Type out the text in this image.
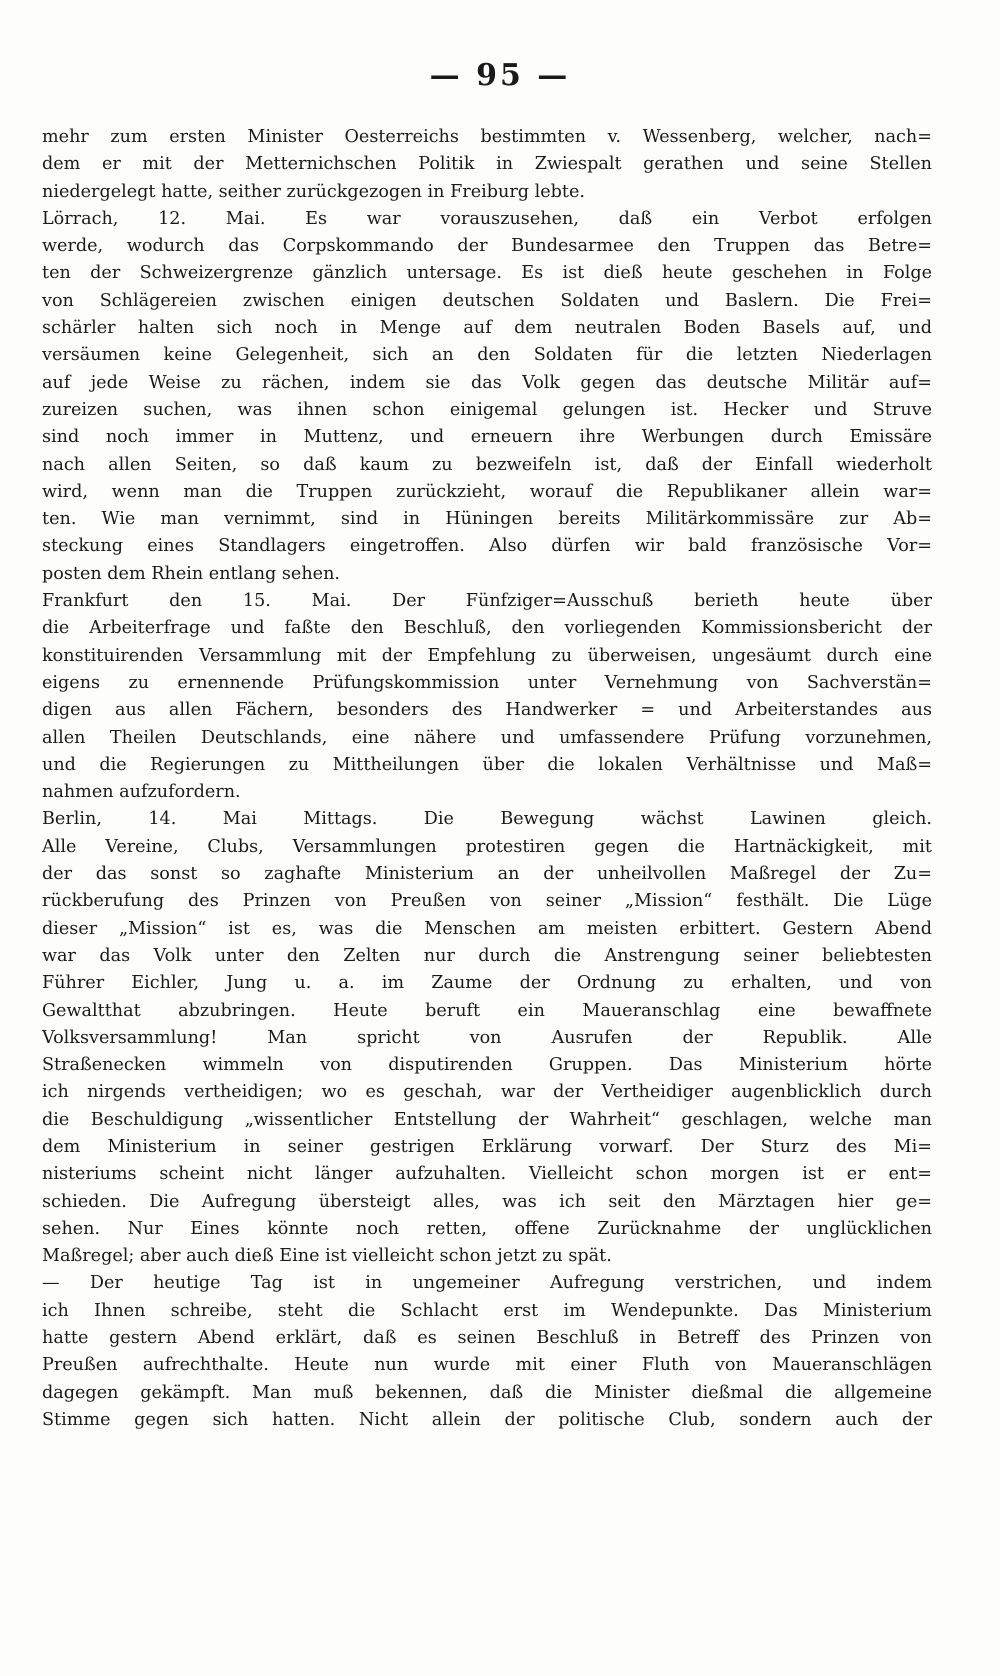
— 95 —
mehr zum ersten Minister Oesterreichs bestimmten v. Wessenberg, welcher, nach=
dem er mit der Metternichschen Politik in Zwiespalt gerathen und seine Stellen
niedergelegt hatte, seither zurückgezogen in Freiburg lebte.
Lörrach, 12. Mai. Es war vorauszusehen, daß ein Verbot erfolgen
werde, wodurch das Corpskommando der Bundesarmee den Truppen das Betre=
ten der Schweizergrenze gänzlich untersage. Es ist dieß heute geschehen in Folge
von Schlägereien zwischen einigen deutschen Soldaten und Baslern. Die Frei=
schärler halten sich noch in Menge auf dem neutralen Boden Basels auf, und
versäumen keine Gelegenheit, sich an den Soldaten für die letzten Niederlagen
auf jede Weise zu rächen, indem sie das Volk gegen das deutsche Militär auf=
zureizen suchen, was ihnen schon einigemal gelungen ist. Hecker und Struve
sind noch immer in Muttenz, und erneuern ihre Werbungen durch Emissäre
nach allen Seiten, so daß kaum zu bezweifeln ist, daß der Einfall wiederholt
wird, wenn man die Truppen zurückzieht, worauf die Republikaner allein war=
ten. Wie man vernimmt, sind in Hüningen bereits Militärkommissäre zur Ab=
steckung eines Standlagers eingetroffen. Also dürfen wir bald französische Vor=
posten dem Rhein entlang sehen.
Frankfurt den 15. Mai. Der Fünfziger=Ausschuß berieth heute über
die Arbeiterfrage und faßte den Beschluß, den vorliegenden Kommissionsbericht der
konstituirenden Versammlung mit der Empfehlung zu überweisen, ungesäumt durch eine
eigens zu ernennende Prüfungskommission unter Vernehmung von Sachverstän=
digen aus allen Fächern, besonders des Handwerker = und Arbeiterstandes aus
allen Theilen Deutschlands, eine nähere und umfassendere Prüfung vorzunehmen,
und die Regierungen zu Mittheilungen über die lokalen Verhältnisse und Maß=
nahmen aufzufordern.
Berlin, 14. Mai Mittags. Die Bewegung wächst Lawinen gleich.
Alle Vereine, Clubs, Versammlungen protestiren gegen die Hartnäckigkeit, mit
der das sonst so zaghafte Ministerium an der unheilvollen Maßregel der Zu=
rückberufung des Prinzen von Preußen von seiner „Mission“ festhält. Die Lüge
dieser „Mission“ ist es, was die Menschen am meisten erbittert. Gestern Abend
war das Volk unter den Zelten nur durch die Anstrengung seiner beliebtesten
Führer Eichler, Jung u. a. im Zaume der Ordnung zu erhalten, und von
Gewaltthat abzubringen. Heute beruft ein Maueranschlag eine bewaffnete
Volksversammlung! Man spricht von Ausrufen der Republik. Alle
Straßenecken wimmeln von disputirenden Gruppen. Das Ministerium hörte
ich nirgends vertheidigen; wo es geschah, war der Vertheidiger augenblicklich durch
die Beschuldigung „wissentlicher Entstellung der Wahrheit“ geschlagen, welche man
dem Ministerium in seiner gestrigen Erklärung vorwarf. Der Sturz des Mi=
nisteriums scheint nicht länger aufzuhalten. Vielleicht schon morgen ist er ent=
schieden. Die Aufregung übersteigt alles, was ich seit den Märztagen hier ge=
sehen. Nur Eines könnte noch retten, offene Zurücknahme der unglücklichen
Maßregel; aber auch dieß Eine ist vielleicht schon jetzt zu spät.
— Der heutige Tag ist in ungemeiner Aufregung verstrichen, und indem
ich Ihnen schreibe, steht die Schlacht erst im Wendepunkte. Das Ministerium
hatte gestern Abend erklärt, daß es seinen Beschluß in Betreff des Prinzen von
Preußen aufrechthalte. Heute nun wurde mit einer Fluth von Maueranschlägen
dagegen gekämpft. Man muß bekennen, daß die Minister dießmal die allgemeine
Stimme gegen sich hatten. Nicht allein der politische Club, sondern auch der
